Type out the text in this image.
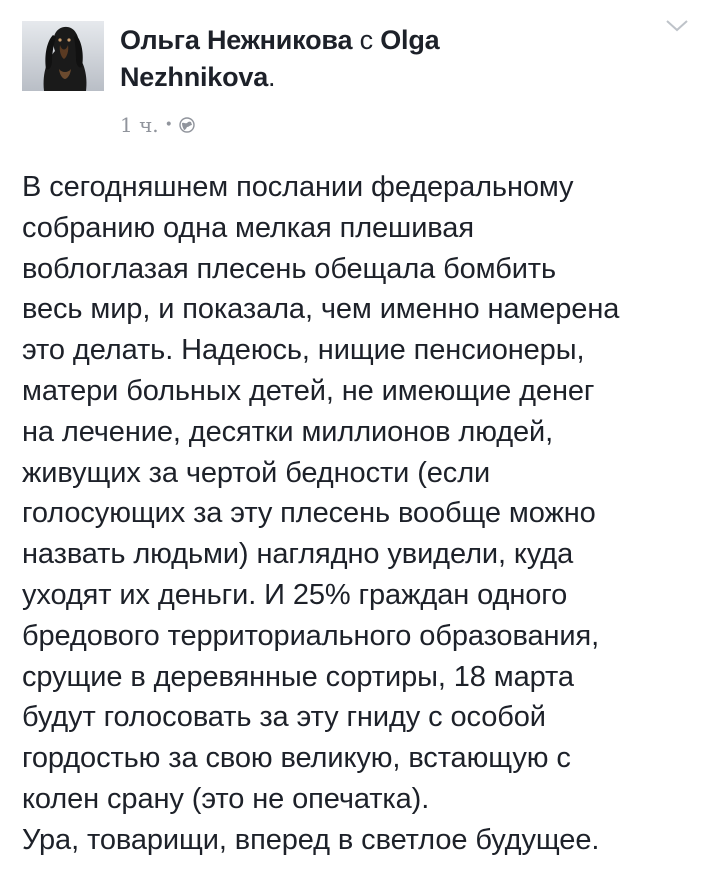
Ольга Нежникова с Olga
Nezhnikova.
1 ч. •
В сегодняшнем послании федеральному
собранию одна мелкая плешивая
воблоглазая плесень обещала бомбить
весь мир, и показала, чем именно намерена
это делать. Надеюсь, нищие пенсионеры,
матери больных детей, не имеющие денег
на лечение, десятки миллионов людей,
живущих за чертой бедности (если
голосующих за эту плесень вообще можно
назвать людьми) наглядно увидели, куда
уходят их деньги. И 25% граждан одного
бредового территориального образования,
срущие в деревянные сортиры, 18 марта
будут голосовать за эту гниду с особой
гордостью за свою великую, встающую с
колен срану (это не опечатка).
Ура, товарищи, вперед в светлое будущее.
